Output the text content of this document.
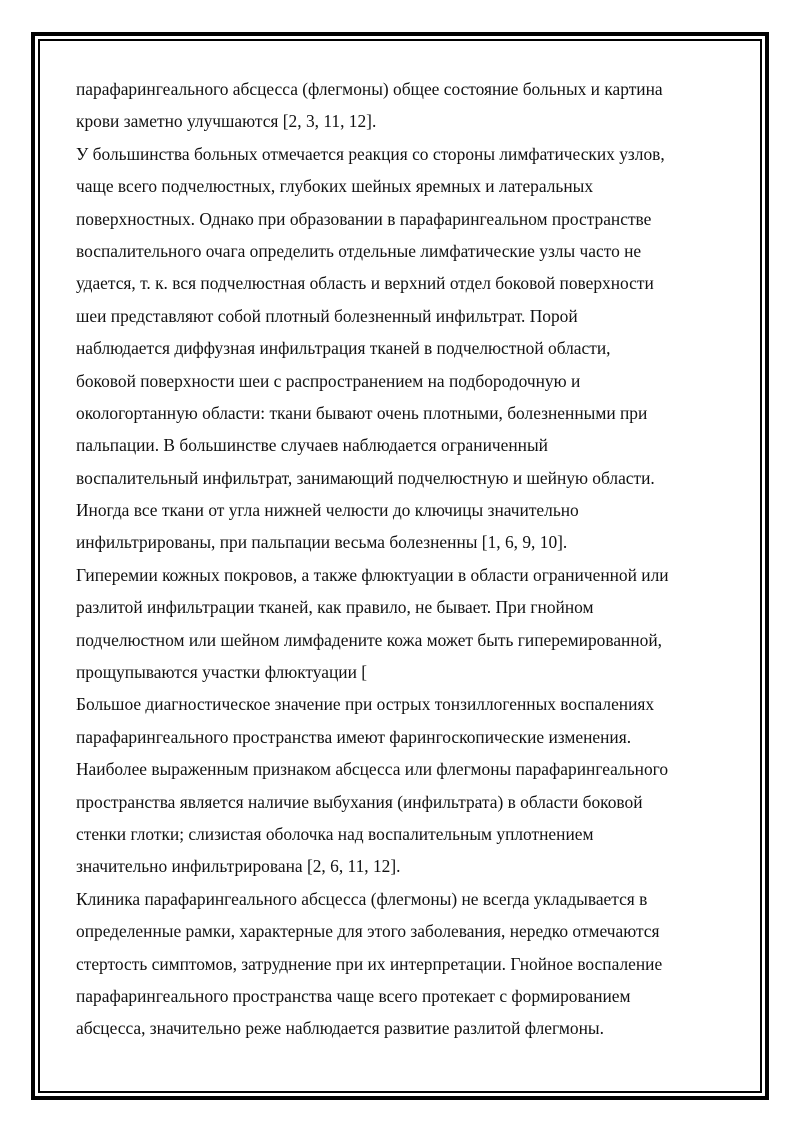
парафарингеального абсцесса (флегмоны) общее состояние больных и картина
крови заметно улучшаются [2, 3, 11, 12].
У большинства больных отмечается реакция со стороны лимфатических узлов,
чаще всего подчелюстных, глубоких шейных яремных и латеральных
поверхностных. Однако при образовании в парафарингеальном пространстве
воспалительного очага определить отдельные лимфатические узлы часто не
удается, т. к. вся подчелюстная область и верхний отдел боковой поверхности
шеи представляют собой плотный болезненный инфильтрат. Порой
наблюдается диффузная инфильтрация тканей в подчелюстной области,
боковой поверхности шеи с распространением на подбородочную и
окологортанную области: ткани бывают очень плотными, болезненными при
пальпации. В большинстве случаев наблюдается ограниченный
воспалительный инфильтрат, занимающий подчелюстную и шейную области.
Иногда все ткани от угла нижней челюсти до ключицы значительно
инфильтрированы, при пальпации весьма болезненны [1, 6, 9, 10].
Гиперемии кожных покровов, а также флюктуации в области ограниченной или
разлитой инфильтрации тканей, как правило, не бывает. При гнойном
подчелюстном или шейном лимфадените кожа может быть гиперемированной,
прощупываются участки флюктуации [
Большое диагностическое значение при острых тонзиллогенных воспалениях
парафарингеального пространства имеют фарингоскопические изменения.
Наиболее выраженным признаком абсцесса или флегмоны парафарингеального
пространства является наличие выбухания (инфильтрата) в области боковой
стенки глотки; слизистая оболочка над воспалительным уплотнением
значительно инфильтрирована [2, 6, 11, 12].
Клиника парафарингеального абсцесса (флегмоны) не всегда укладывается в
определенные рамки, характерные для этого заболевания, нередко отмечаются
стертость симптомов, затруднение при их интерпретации. Гнойное воспаление
парафарингеального пространства чаще всего протекает с формированием
абсцесса, значительно реже наблюдается развитие разлитой флегмоны.
